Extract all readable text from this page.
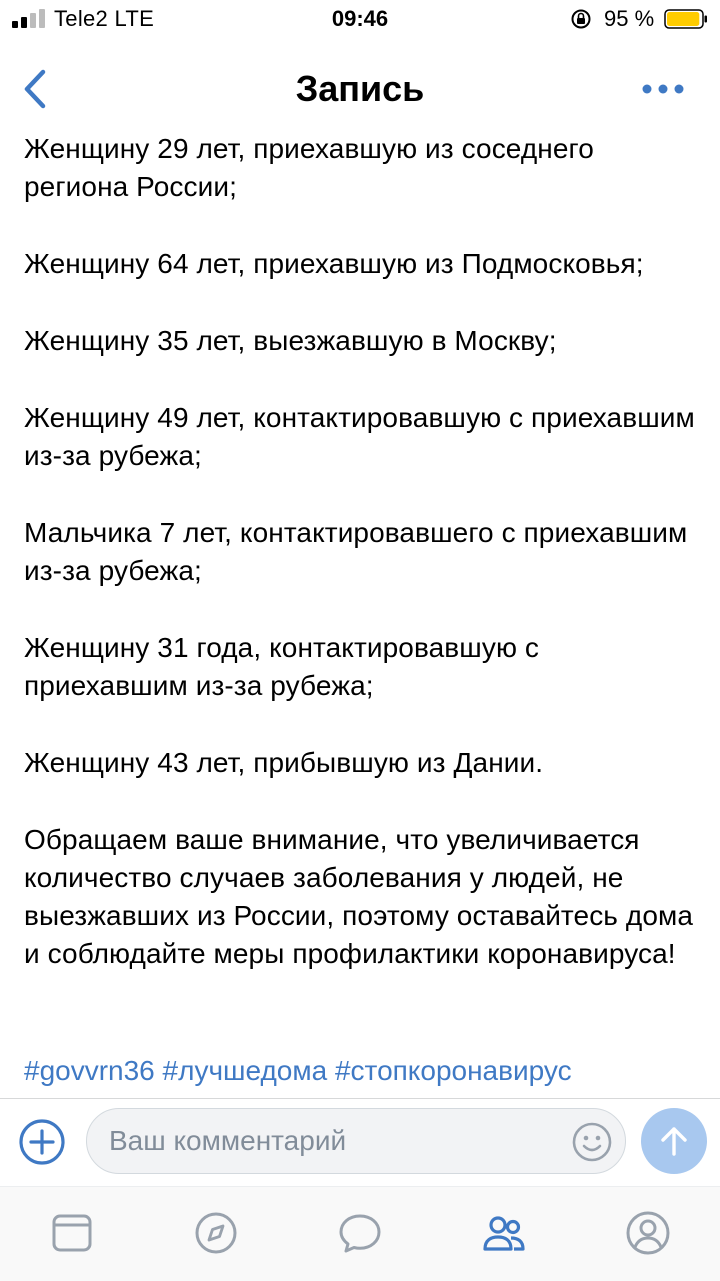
Tele2 LTE	09:46	95 %
Запись

Женщину 29 лет, приехавшую из соседнего региона России;

Женщину 64 лет, приехавшую из Подмосковья;

Женщину 35 лет, выезжавшую в Москву;

Женщину 49 лет, контактировавшую с приехавшим из-за рубежа;

Мальчика 7 лет, контактировавшего с приехавшим из-за рубежа;

Женщину 31 года, контактировавшую с приехавшим из-за рубежа;

Женщину 43 лет, прибывшую из Дании.

Обращаем ваше внимание, что увеличивается количество случаев заболевания у людей, не выезжавших из России, поэтому оставайтесь дома и соблюдайте меры профилактики коронавируса!

#govvrn36 #лучшедома #стопкоронавирус
Ваш комментарий
